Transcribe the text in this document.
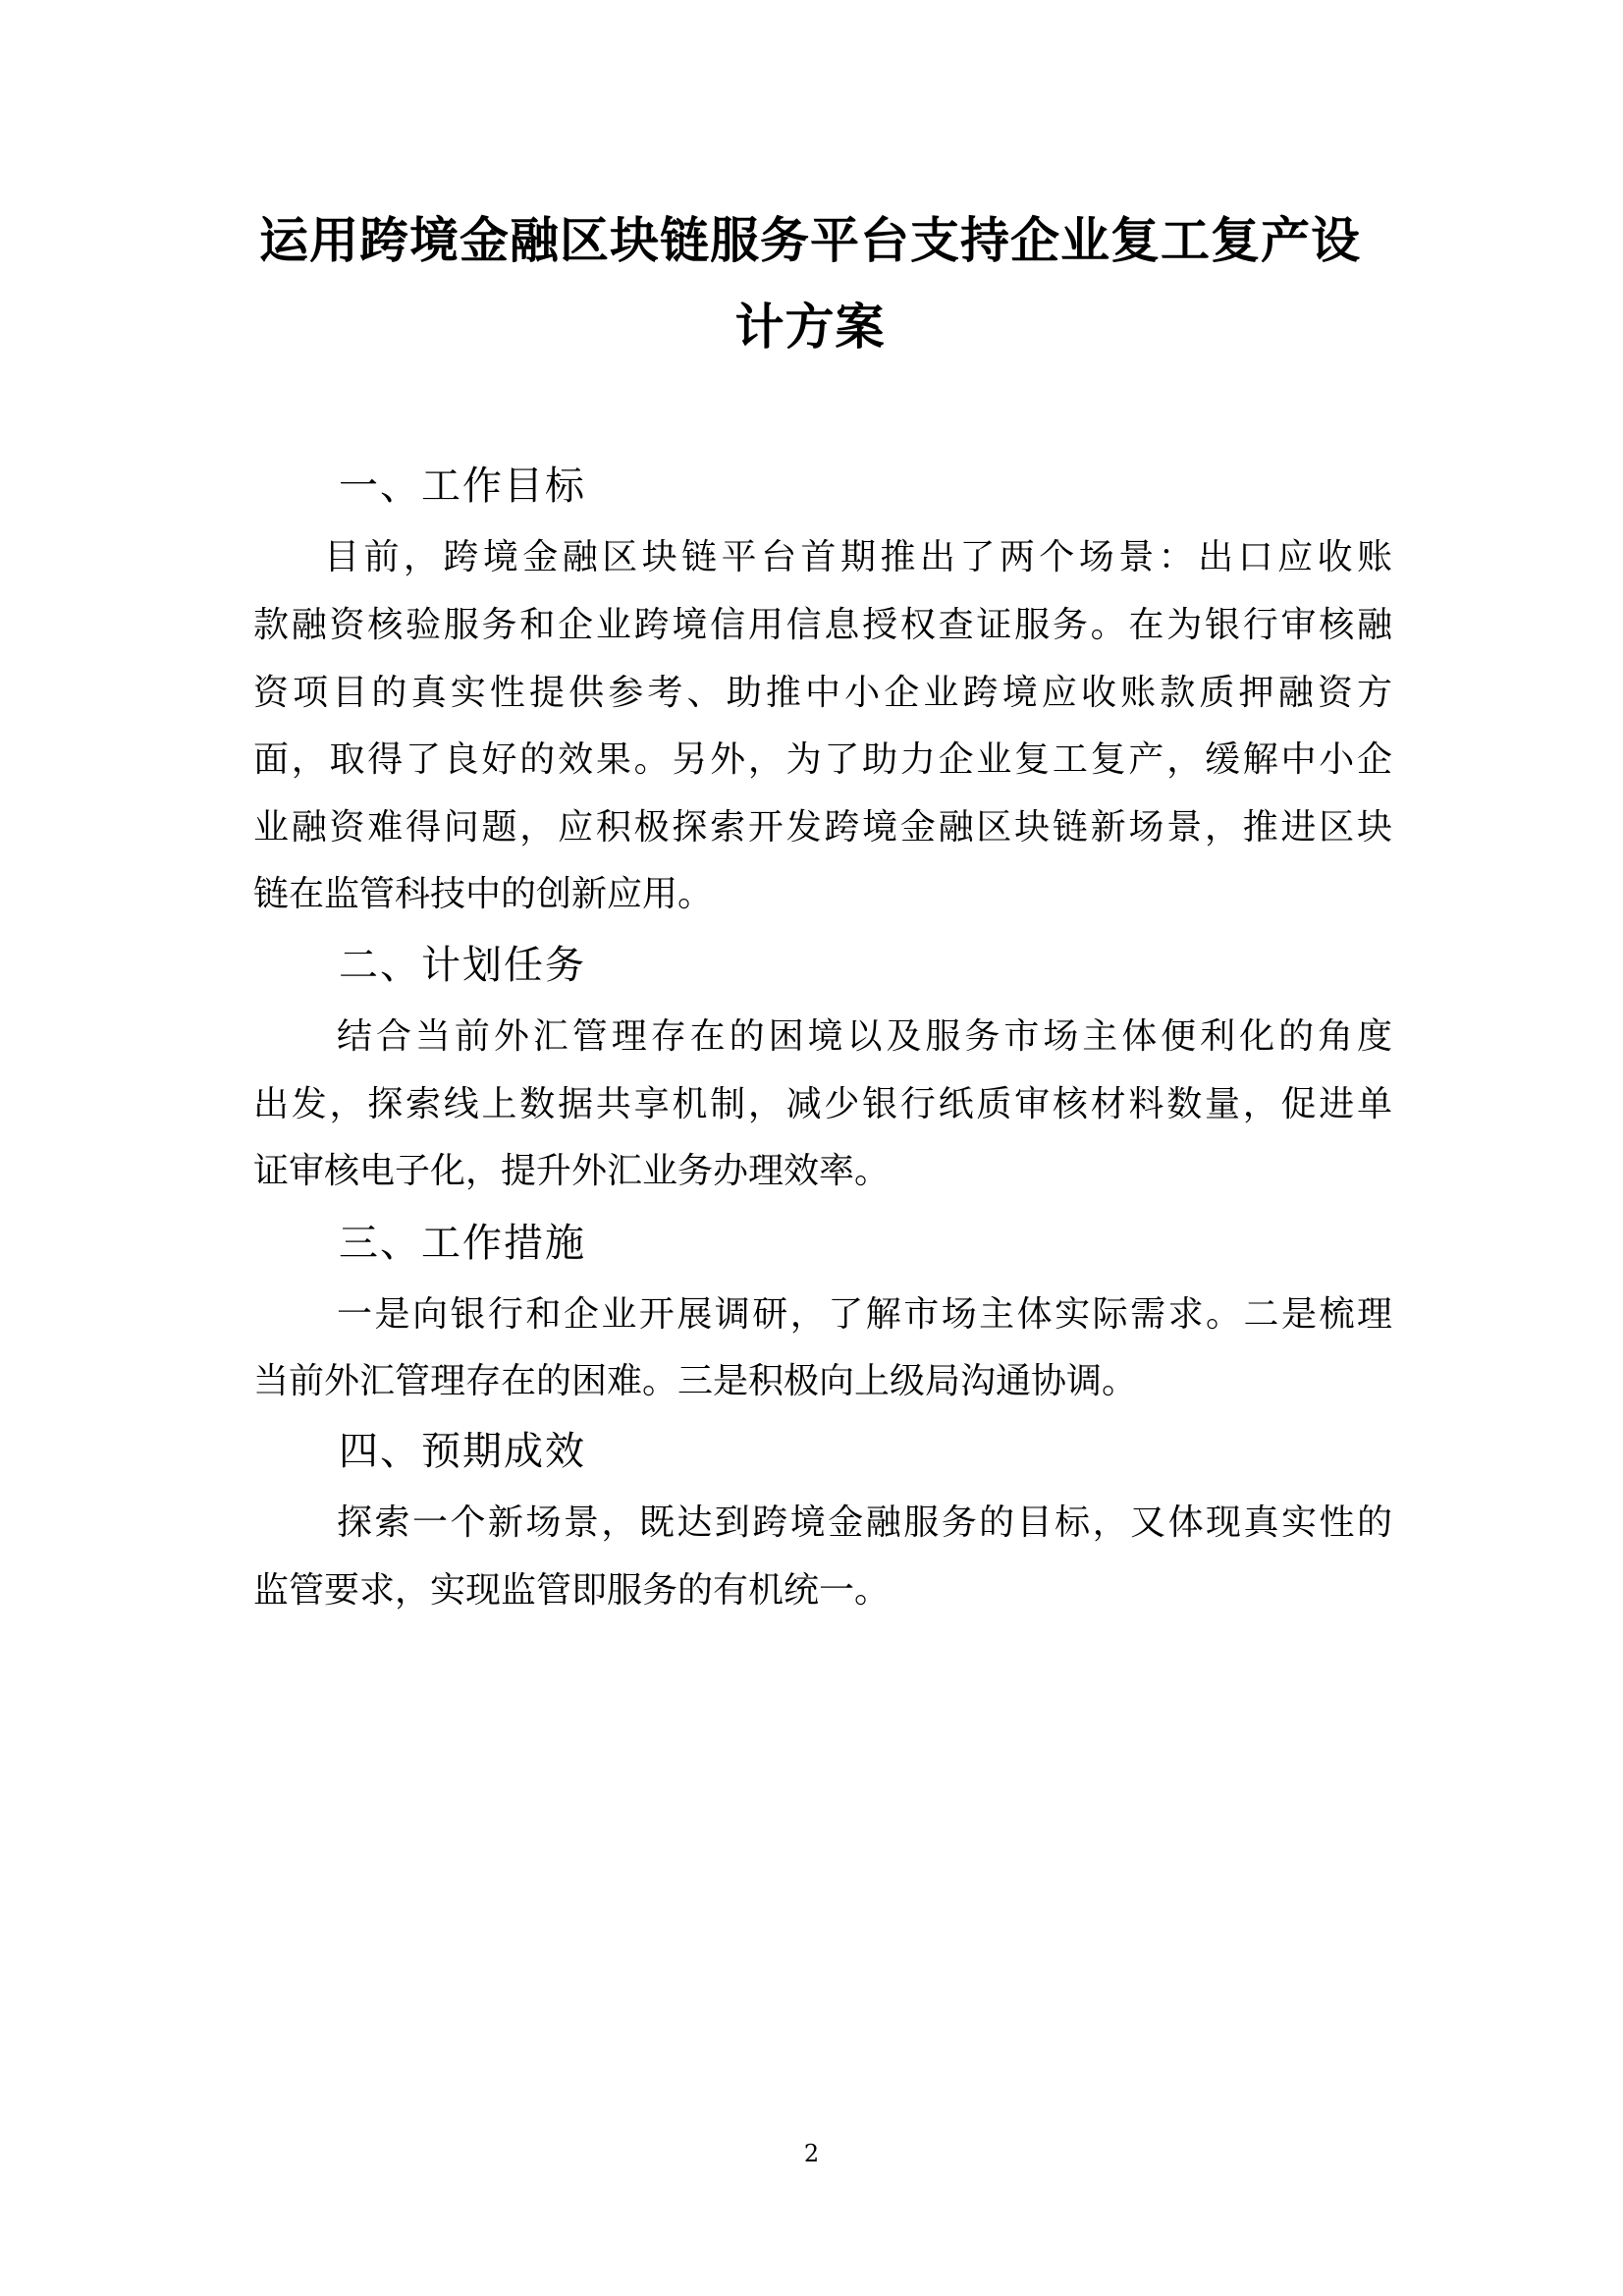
运用跨境金融区块链服务平台支持企业复工复产设
计方案
一、工作目标
目前，跨境金融区块链平台首期推出了两个场景：出口应收账
款融资核验服务和企业跨境信用信息授权查证服务。在为银行审核融
资项目的真实性提供参考、助推中小企业跨境应收账款质押融资方
面，取得了良好的效果。另外，为了助力企业复工复产，缓解中小企
业融资难得问题，应积极探索开发跨境金融区块链新场景，推进区块
链在监管科技中的创新应用。
二、计划任务
结合当前外汇管理存在的困境以及服务市场主体便利化的角度
出发，探索线上数据共享机制，减少银行纸质审核材料数量，促进单
证审核电子化，提升外汇业务办理效率。
三、工作措施
一是向银行和企业开展调研，了解市场主体实际需求。二是梳理
当前外汇管理存在的困难。三是积极向上级局沟通协调。
四、预期成效
探索一个新场景，既达到跨境金融服务的目标，又体现真实性的
监管要求，实现监管即服务的有机统一。
2
